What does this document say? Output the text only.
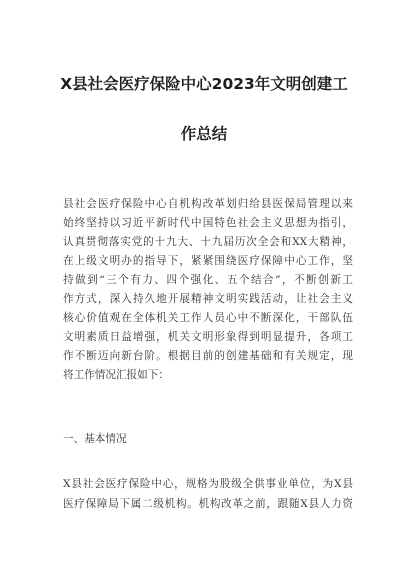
X县社会医疗保险中心2023年文明创建工
作总结
县社会医疗保险中心自机构改革划归给县医保局管理以来
始终坚持以习近平新时代中国特色社会主义思想为指引，
认真贯彻落实党的十九大、十九届历次全会和XX大精神，
在上级文明办的指导下，紧紧围绕医疗保障中心工作，坚
持做到“三个有力、四个强化、五个结合”，不断创新工
作方式，深入持久地开展精神文明实践活动，让社会主义
核心价值观在全体机关工作人员心中不断深化，干部队伍
文明素质日益增强，机关文明形象得到明显提升，各项工
作不断迈向新台阶。根据目前的创建基础和有关规定，现
将工作情况汇报如下：
一、基本情况
X县社会医疗保险中心，规格为股级全供事业单位，为X县
医疗保障局下属二级机构。机构改革之前，跟随X县人力资
